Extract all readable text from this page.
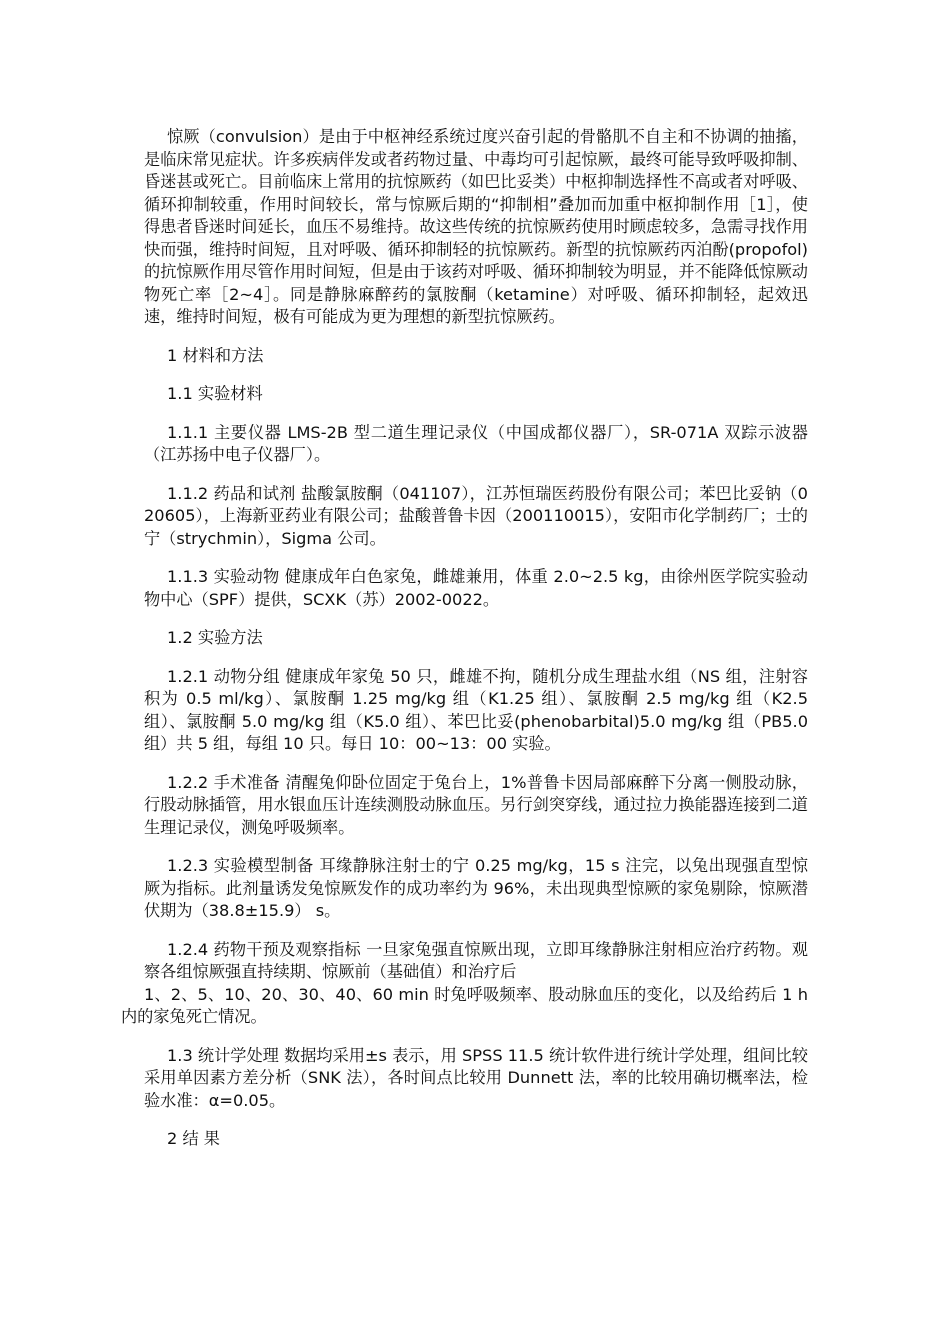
惊厥（convulsion）是由于中枢神经系统过度兴奋引起的骨骼肌不自主和不协调的抽搐，是临床常见症状。许多疾病伴发或者药物过量、中毒均可引起惊厥，最终可能导致呼吸抑制、昏迷甚或死亡。目前临床上常用的抗惊厥药（如巴比妥类）中枢抑制选择性不高或者对呼吸、循环抑制较重，作用时间较长，常与惊厥后期的“抑制相”叠加而加重中枢抑制作用［1］，使得患者昏迷时间延长，血压不易维持。故这些传统的抗惊厥药使用时顾虑较多，急需寻找作用快而强，维持时间短，且对呼吸、循环抑制轻的抗惊厥药。新型的抗惊厥药丙泊酚(propofol)的抗惊厥作用尽管作用时间短，但是由于该药对呼吸、循环抑制较为明显，并不能降低惊厥动物死亡率［2~4］。同是静脉麻醉药的氯胺酮（ketamine）对呼吸、循环抑制轻，起效迅速，维持时间短，极有可能成为更为理想的新型抗惊厥药。

1 材料和方法

1.1 实验材料

1.1.1 主要仪器 LMS-2B 型二道生理记录仪（中国成都仪器厂），SR-071A 双踪示波器（江苏扬中电子仪器厂）。

1.1.2 药品和试剂 盐酸氯胺酮（041107），江苏恒瑞医药股份有限公司；苯巴比妥钠（020605），上海新亚药业有限公司；盐酸普鲁卡因（200110015），安阳市化学制药厂；士的宁（strychmin），Sigma 公司。

1.1.3 实验动物 健康成年白色家兔，雌雄兼用，体重 2.0~2.5 kg，由徐州医学院实验动物中心（SPF）提供，SCXK（苏）2002-0022。

1.2 实验方法

1.2.1 动物分组 健康成年家兔 50 只，雌雄不拘，随机分成生理盐水组（NS 组，注射容积为 0.5 ml/kg）、氯胺酮 1.25 mg/kg 组（K1.25 组）、氯胺酮 2.5 mg/kg 组（K2.5 组）、氯胺酮 5.0 mg/kg 组（K5.0 组）、苯巴比妥(phenobarbital)5.0 mg/kg 组（PB5.0 组）共 5 组，每组 10 只。每日 10：00~13：00 实验。

1.2.2 手术准备 清醒兔仰卧位固定于兔台上，1%普鲁卡因局部麻醉下分离一侧股动脉，行股动脉插管，用水银血压计连续测股动脉血压。另行剑突穿线，通过拉力换能器连接到二道生理记录仪，测兔呼吸频率。

1.2.3 实验模型制备 耳缘静脉注射士的宁 0.25 mg/kg，15 s 注完，以兔出现强直型惊厥为指标。此剂量诱发兔惊厥发作的成功率约为 96%，未出现典型惊厥的家兔剔除，惊厥潜伏期为（38.8±15.9） s。

1.2.4 药物干预及观察指标 一旦家兔强直惊厥出现，立即耳缘静脉注射相应治疗药物。观察各组惊厥强直持续期、惊厥前（基础值）和治疗后
1、2、5、10、20、30、40、60 min 时兔呼吸频率、股动脉血压的变化，以及给药后 1 h 内的家兔死亡情况。

1.3 统计学处理 数据均采用±s 表示，用 SPSS 11.5 统计软件进行统计学处理，组间比较采用单因素方差分析（SNK 法），各时间点比较用 Dunnett 法，率的比较用确切概率法，检验水准：α=0.05。

2 结 果
